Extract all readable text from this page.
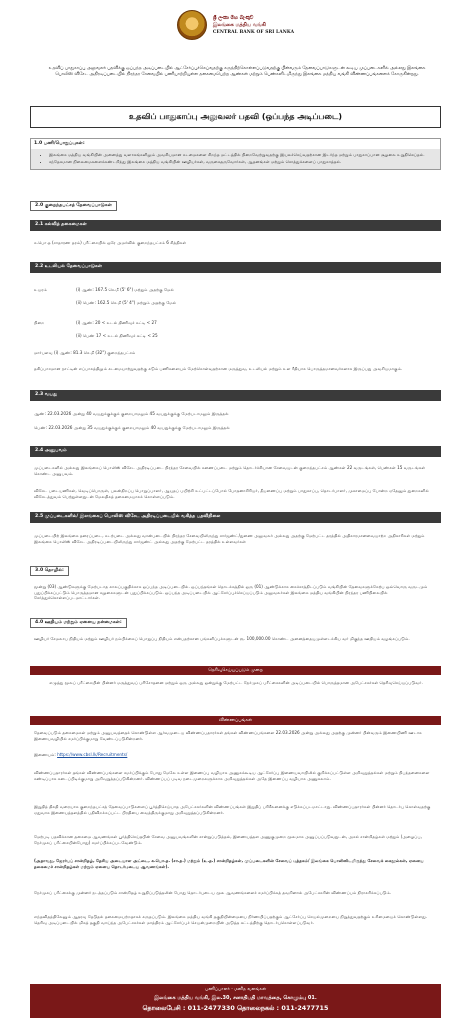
ශ්‍රී ලංකා මහ බැංකුව
இலங்கை மத்திய வங்கி
CENTRAL BANK OF SRI LANKA
உதவிப் பாதுகாப்பு அலுவலர் பதவிக்கு ஒப்பந்த அடிப்படையில் ஆட்சேர்ப்புச்செய்வதற்கு கருத்திற்கொள்ளப்படுவதற்கு பின்வரும் தேவைப்பாடுகளுடன் கூடிய முப்படைகளில் அல்லது இலங்கை பொலிஸ் விசேட அதிரடிப்படையில் நிரந்தர சேவையில் பணியாற்றியுள்ள தகைமைபெற்ற ஆண்கள் மற்றும் பெண்களிடமிருந்து இலங்கை மத்திய வங்கி விண்ணப்பங்களைக் கோருகின்றது.
உதவிப் பாதுகாப்பு அலுவலர் பதவி (ஒப்பந்த அடிப்படை)
1.0 பணி/பொறுப்புகள்:
• இலங்கை மத்திய வங்கியின் அனைத்து வளாகங்களிலும் அவசியமான கடமைகளை சிறந்த மட்டத்தில் நிறைவேற்றுவதற்கு இயலச்செய்வதற்கான இடர்ந்த மற்றும் பாதுகாப்பான சூழலை உறுதிசெய்தல்.
• சந்தேகமான நிலைமைகளைக்கண்டறிந்து இலங்கை மத்திய வங்கியின் ஊழியர்கள், வருகைதருவோர்கள், ஆதனங்கள் மற்றும் சொத்துக்களைப் பாதுகாத்தல்.
2.0 குறைந்தபட்சத் தேவைப்பாடுகள்
2.1 கல்வித் தகைமைகள்
க.பொ.த (சாதாரண தரம்) பரீட்சையில் ஒரே அமர்வில் குறைந்தபட்சம் 6 சித்திகள்
2.2 உடலியல் தேவைப்பாடுகள்
உயரம்	(i) ஆண்: 167.5 செ.மீ (5' 6") மற்றும் அதற்கு மேல்
(ii) பெண்: 162.5 செ.மீ (5' 4") மற்றும் அதற்கு மேல்
நிறை	(i) ஆண்: 20 < உடல் திணிவுச் சுட்டி < 27
(ii) பெண் 17 < உடல் திணிவுச் சுட்டி < 25
மார்பளவு (i) ஆண்: 81.3 செ.மீ (32") குறைந்தபட்சம்
தகிப்பாசமான நாட்டின் எப்பாகத்திலும் கடமையாற்றுவதற்கு கடும் பணிகளையும் மேற்கொள்வதற்கான மருத்துவ, உடலியல் மற்றும் உள ரீதியாக பொருத்தமானவர்களாக இருப்பது அவசியமாகும்.
2.3 வயது
ஆண்: 22.03.2026 அன்று 40 வயதுக்குக்குக் குறையாமலும் 45 வயதுக்குக்கு மேற்படாமலும் இருத்தல்
பெண்: 22.03.2026 அன்று 35 வயதுக்குக்குக் குறையாமலும் 40 வயதுக்குக்கு மேற்படாமலும் இருத்தல்
2.4 அனுபவம்
முப்படைகளில் அல்லது இலங்கைப் பொலிஸ் விசேட அதிரடிப்படை நிரந்தர சேவையில் கணைப்படை மற்றும் தொடர்ச்சியான சேவையுடன் குறைந்தபட்சம் ஆண்கள் 22 வருடங்கள், பெண்கள் 15 வருடங்கள் கொண்ட அனுபவம்.
விசேட படையணிகள், வெடிப்பொருள், புலன்திறப்பு பொறுப்பாளர், ஆயுதப் பயிற்சி உட்பட்டப்போல் போதனாசிரியர், தீயணைப்பு மற்றும் பாதுகாப்பு, தொடர்பாளர், முகாமைப்பு போன்ற ஏதேனும் துறைகளில் விசேடத்துவம் பெற்றுள்ளதுடன் மேலதிகத் தகைமையாகக் கொள்ளப்படும்.
2.5 முப்படைகளில்/ இலங்கைப் பொலிஸ் விசேட அதிரடிப்படையில் வகித்த பதவிநிலை
முப்படையிற் இலங்கை தரைப்படை, கடற்படை அல்லது வான்படையில் நிரந்தர சேவையிலிருந்து சார்ஜண்ட்/துணை அலுவலர் அல்லது அதற்கு மேற்பட்ட தரத்தில் அதிகாரமானவையாற்ற அதிகாரிகள் மற்றும் இலங்கை பொலிஸ் விசேட அதிரடிப்படையிலிருந்து சார்ஜண்ட் அல்லது அதற்கு மேற்பட்ட தரத்தில் உள்ளவர்கள்
3.0 தொழில்:
மூன்று (03) ஆண்டுகளுக்கு மேற்படாத காலப்பகுதிக்காக ஒப்பந்த அடிப்படையில். ஒப்பந்தங்கள் தொடக்கத்தில் ஒரு (01) ஆண்டுக்காக கைச்சாத்திடப்படும் வங்கியின் தேவைகளுக்கேற்ப ஒவ்வொரு வருடமும் புதுப்பிக்கப்பட்டும் பொருத்தமான சலுகைகளுடன் புதுப்பிக்கப்படும். ஒப்பந்த அடிப்படையில் ஆட்சேர்ப்புச்செய்யப்படும் அலுவலர்கள் இலங்கை மத்திய வங்கியின் நிரந்தர பணிநிலையில் சேர்த்துக்கொள்ளப்படமாட்டார்கள்.
4.0 ஊதியம் மற்றும் ஏனைய நன்மைகள்:
ஊழியர் சேமலாப நிதியம் மற்றும் ஊழியர் நம்பிக்கைப் பொறுப்பு நிதியம் என்பதற்கான பங்களிப்புக்களுடன் ரூ. 100,000.00 கொண்ட அனைத்தையுமுள்ளடக்கிய வர் மிகுந்த ஊதியம் வழங்கப்படும்.
தெரிவுசெய்யப்படும் முறை
எழுத்து மூலப் பரீட்சையின் பின்னர் மருத்துவப் பரிசோதனை மற்றும் ஒரு அல்லது ஒன்றுக்கு மேற்பட்ட நேர்முகப் பரீட்சைகளின் அடிப்படையில் பொருத்தமான அபேட்சகர்கள் தெரிவுசெய்யப்படுவர்.
விண்ணப்பங்கள்
தேவைப்படும் தகைமைகள் மற்றும் அனுபவத்தைக் கொண்டுள்ள ஆர்வமுடைய விண்ணப்பதாரர்கள் தங்கள் விண்ணப்பங்களை 22.03.2026 அன்று அல்லது அதற்கு முன்னர் பின்வரும் இணையிணி ஊடாக இணையவழியில் சமர்ப்பிக்குமாறு வேண்டப்படுகின்றனர்.
இணையம்: https://www.cbsl.lk/Recruitments/
விண்ணப்பதாரர்கள் தங்கள் விண்ணப்பங்களை சமர்ப்பிக்கும் போது மேலே உள்ள இணைப்பு வழியாக அணுகக்கூடிய ஆட்சேர்ப்பு இணையவாயிலில் குறிக்கப்பட்டுள்ள அறிவுறுத்தல்கள் மற்றும் நிபந்தனைகளை கண்டிப்பாக கடைப்பிடிக்குமாறு அறிவுறுத்தப்படுகின்றனர். விண்ணப்பப் படிவ நடைமுறைகளுக்காக அறிவுறுத்தல்கள் அதே இணைப்பு வழியாக அணுகலாம்.
இறுதித் திகதி வரையாக குறைந்தபட்சத் தேவைப்பாடுகளைப் பூர்த்திசெய்யாத அபேட்சகர்களின் விண்ணப்பங்கள் இறுதிப் பரிசீலனைக்கு எடுக்கப்படமாட்டாது. விண்ணப்பதாரர்கள் பின்னர் தொடர்பு கொள்வதற்கு ஏதுவாக இணையத்தளத்தில் பதிவிறக்கப்பட்ட பிரதியை வைத்திருக்குமாறு அறிவுறுத்தப்படுகின்றனர்.
மேற்படி பதவிக்கான தகைமை ஆவணங்கள் பூர்த்திசெய்தபின் சேவை அனுபவங்களின் சான்றுப்படுத்தல், இணையத்தள அணுகுமுறை மூலமாக அனுப்பப்படுவதுடன், அசல் சான்றிதழ்கள் மற்றும் (அழைப்பு, நேர்முகப் பரீட்சையின்போது) சமர்ப்பிக்கப்படவேண்டும்.
(அதாவது, ஜேரர்பப் சான்றிதழ், தேசிய அடையாள அட்டை, க.பொ.த. (சா.த.) மற்றும் (உ.த.) சான்றிதழ்கள், முப்படைகளின் சேவைப் புத்தகம்/ இலங்கை பொலிஸிடமிருந்து சேவைக் கைநூல்கள், ஏனைய தகைமைச் சான்றிதழ்கள் மற்றும் ஏனைய தொடர்புடைய ஆவணங்கள்).
நேர்முகப் பரீட்சைக்கு முன்னர் நடத்தப்படும் சான்றிதழ் உறுதிப்படுத்தலின் போது தொடர்புடைய மூல ஆவணங்களைச் சமர்ப்பிக்கத் தவறினால் அபேட்சகரின் விண்ணப்பம் நிராகரிக்கப்படும்.
எந்தவிதத்திலேனும் ஆதரவு தேடுதல் தகைமையற்றதாகக் கருதப்படும். இலங்கை மத்திய வங்கி தகுதியின்மையை நிர்ணயிப்பதற்கும் ஆட்சேர்ப்பு செயல்முறையை நிறுத்துவதற்கும் உரிமையைக் கொண்டுள்ளது. தெரிவு அடிப்படையில் மிகத் தகுதி வாய்ந்த அபேட்சகர்கள் மாத்திரம் ஆட்சேர்ப்புச் செயன்முறையின் அடுத்த கட்டத்திற்கு தொடர்புகொள்ளப்படுவர்.
பணிப்பாளர் - மனித வளங்கள்
இலங்கை மத்திய வங்கி, இல.30, சனாதிபதி மாவத்தை, கொழும்பு 01.
தொலைபேசி : 011-2477330 தொலைநகல் : 011-2477715
